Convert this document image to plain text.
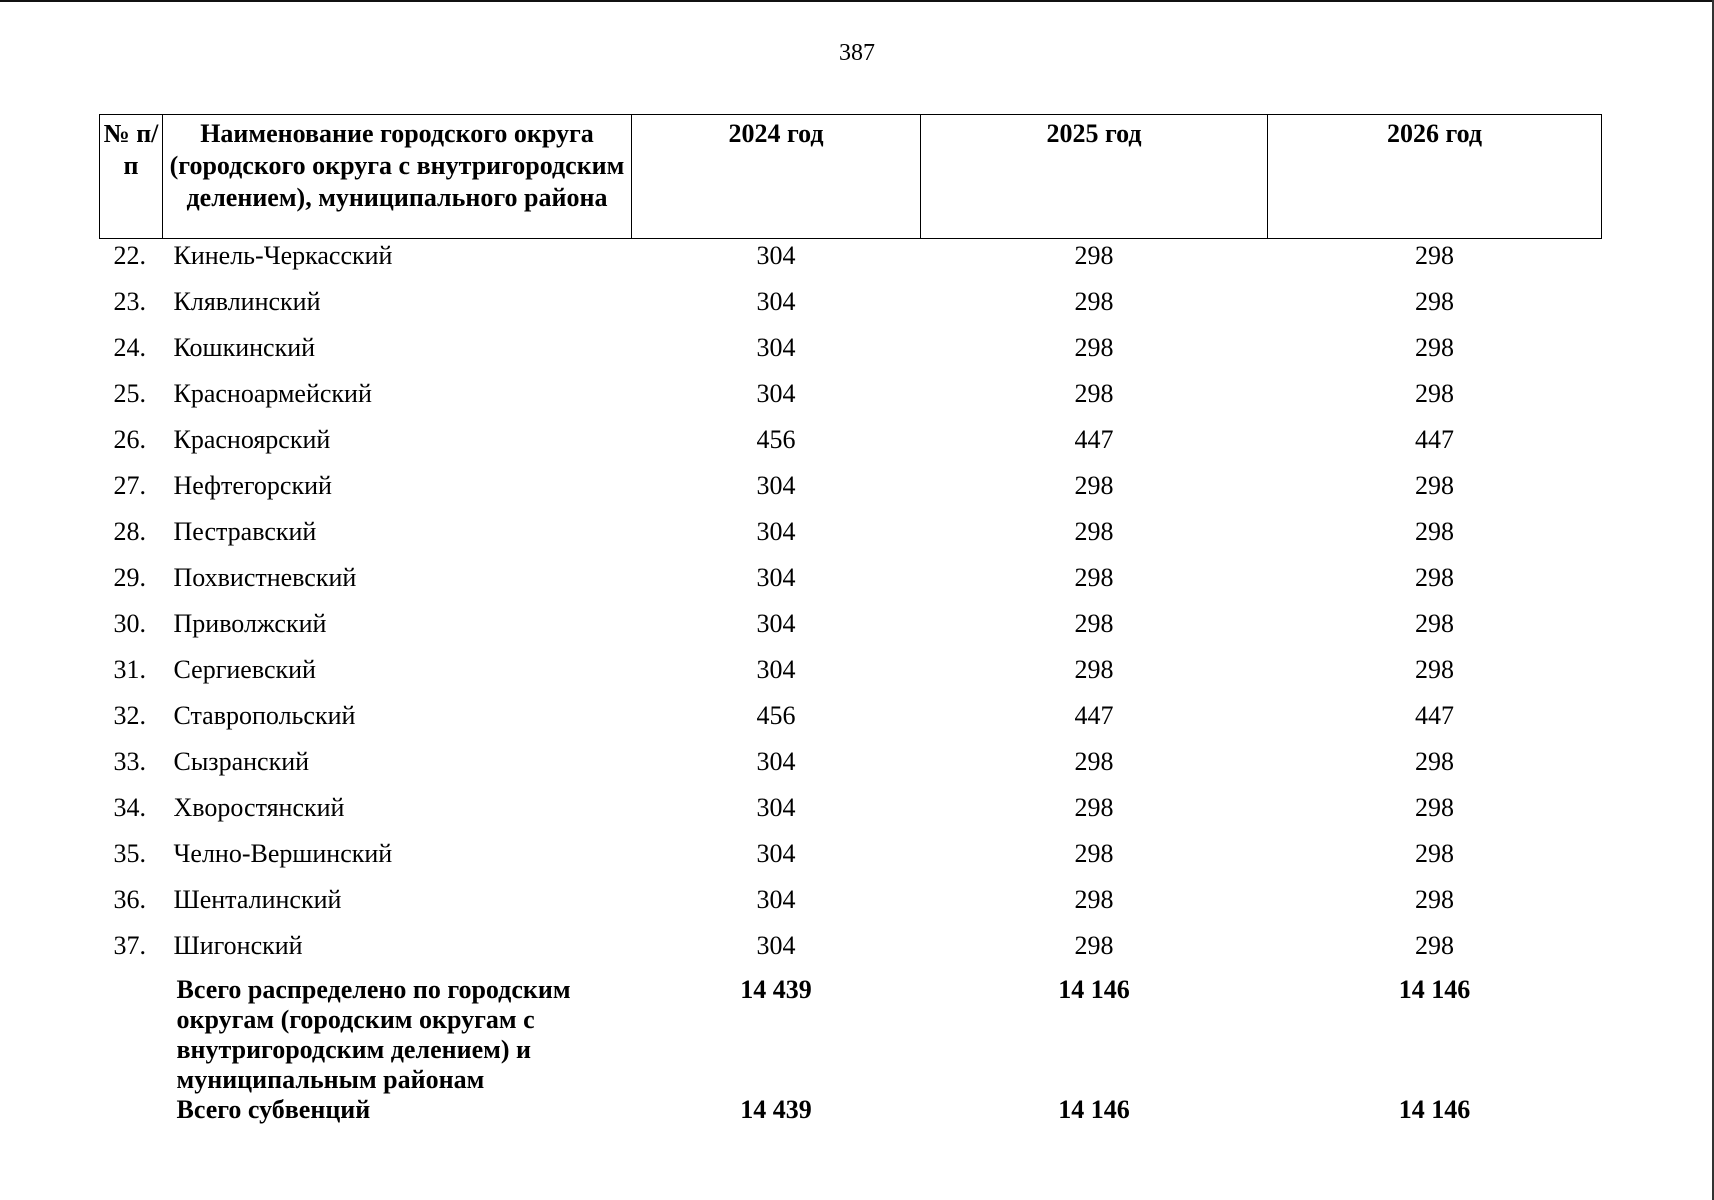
387
№ п/п	Наименование городского округа (городского округа с внутригородским делением), муниципального района	2024 год	2025 год	2026 год
22.	Кинель-Черкасский	304	298	298
23.	Клявлинский	304	298	298
24.	Кошкинский	304	298	298
25.	Красноармейский	304	298	298
26.	Красноярский	456	447	447
27.	Нефтегорский	304	298	298
28.	Пестравский	304	298	298
29.	Похвистневский	304	298	298
30.	Приволжский	304	298	298
31.	Сергиевский	304	298	298
32.	Ставропольский	456	447	447
33.	Сызранский	304	298	298
34.	Хворостянский	304	298	298
35.	Челно-Вершинский	304	298	298
36.	Шенталинский	304	298	298
37.	Шигонский	304	298	298
	Всего распределено по городским округам (городским округам с внутригородским делением) и муниципальным районам	14 439	14 146	14 146
	Всего субвенций	14 439	14 146	14 146
